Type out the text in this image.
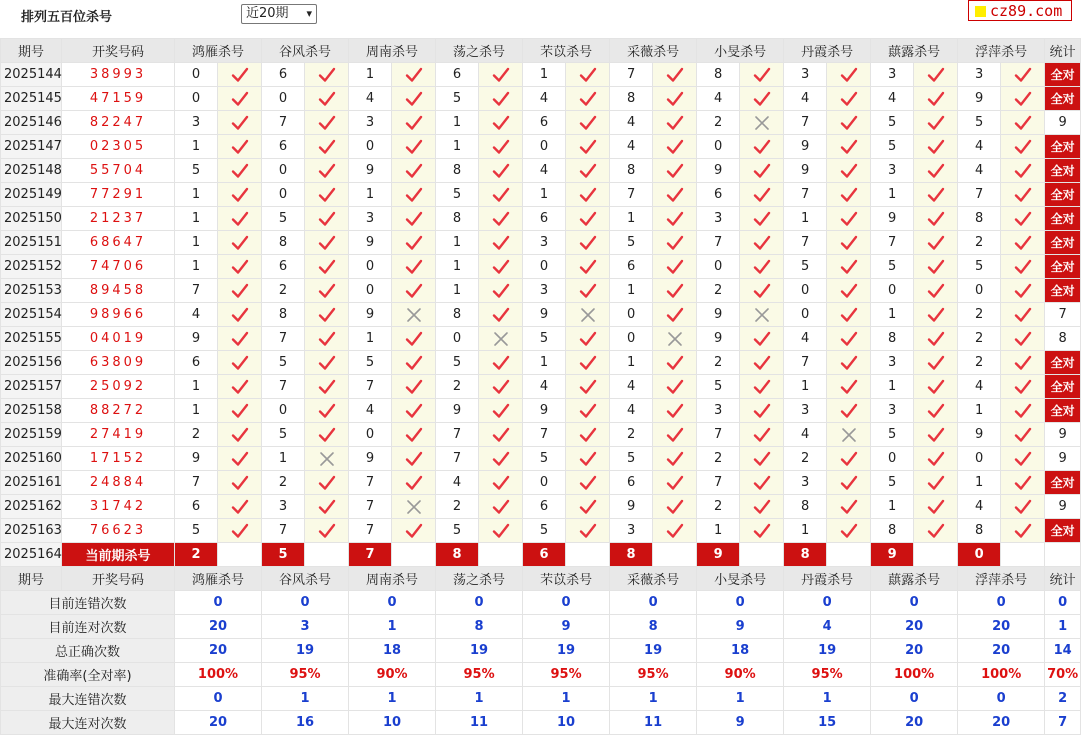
排列五百位杀号	近20期 ▾	cz89.com
期号	开奖号码	鸿雁杀号		谷风杀号		周南杀号		荡之杀号		芣苡杀号		采薇杀号		小旻杀号		丹霞杀号		蕻露杀号		浮萍杀号		统计
2025144	38993	0		6		1		6		1		7		8		3		3		3		全对
2025145	47159	0		0		4		5		4		8		4		4		4		9		全对
2025146	82247	3		7		3		1		6		4		2		7		5		5		9
2025147	02305	1		6		0		1		0		4		0		9		5		4		全对
2025148	55704	5		0		9		8		4		8		9		9		3		4		全对
2025149	77291	1		0		1		5		1		7		6		7		1		7		全对
2025150	21237	1		5		3		8		6		1		3		1		9		8		全对
2025151	68647	1		8		9		1		3		5		7		7		7		2		全对
2025152	74706	1		6		0		1		0		6		0		5		5		5		全对
2025153	89458	7		2		0		1		3		1		2		0		0		0		全对
2025154	98966	4		8		9		8		9		0		9		0		1		2		7
2025155	04019	9		7		1		0		5		0		9		4		8		2		8
2025156	63809	6		5		5		5		1		1		2		7		3		2		全对
2025157	25092	1		7		7		2		4		4		5		1		1		4		全对
2025158	88272	1		0		4		9		9		4		3		3		3		1		全对
2025159	27419	2		5		0		7		7		2		7		4		5		9		9
2025160	17152	9		1		9		7		5		5		2		2		0		0		9
2025161	24884	7		2		7		4		0		6		7		3		5		1		全对
2025162	31742	6		3		7		2		6		9		2		8		1		4		9
2025163	76623	5		7		7		5		5		3		1		1		8		8		全对
2025164	当前期杀号	2		5		7		8		6		8		9		8		9		0		
期号	开奖号码	鸿雁杀号		谷风杀号		周南杀号		荡之杀号		芣苡杀号		采薇杀号		小旻杀号		丹霞杀号		蕻露杀号		浮萍杀号		统计
目前连错次数		0		0		0		0		0		0		0		0		0		0		0
目前连对次数		20		3		1		8		9		8		9		4		20		20		1
总正确次数		20		19		18		19		19		19		18		19		20		20		14
准确率(全对率)		100%		95%		90%		95%		95%		95%		90%		95%		100%		100%		70%
最大连错次数		0		1		1		1		1		1		1		1		0		0		2
最大连对次数		20		16		10		11		10		11		9		15		20		20		7
